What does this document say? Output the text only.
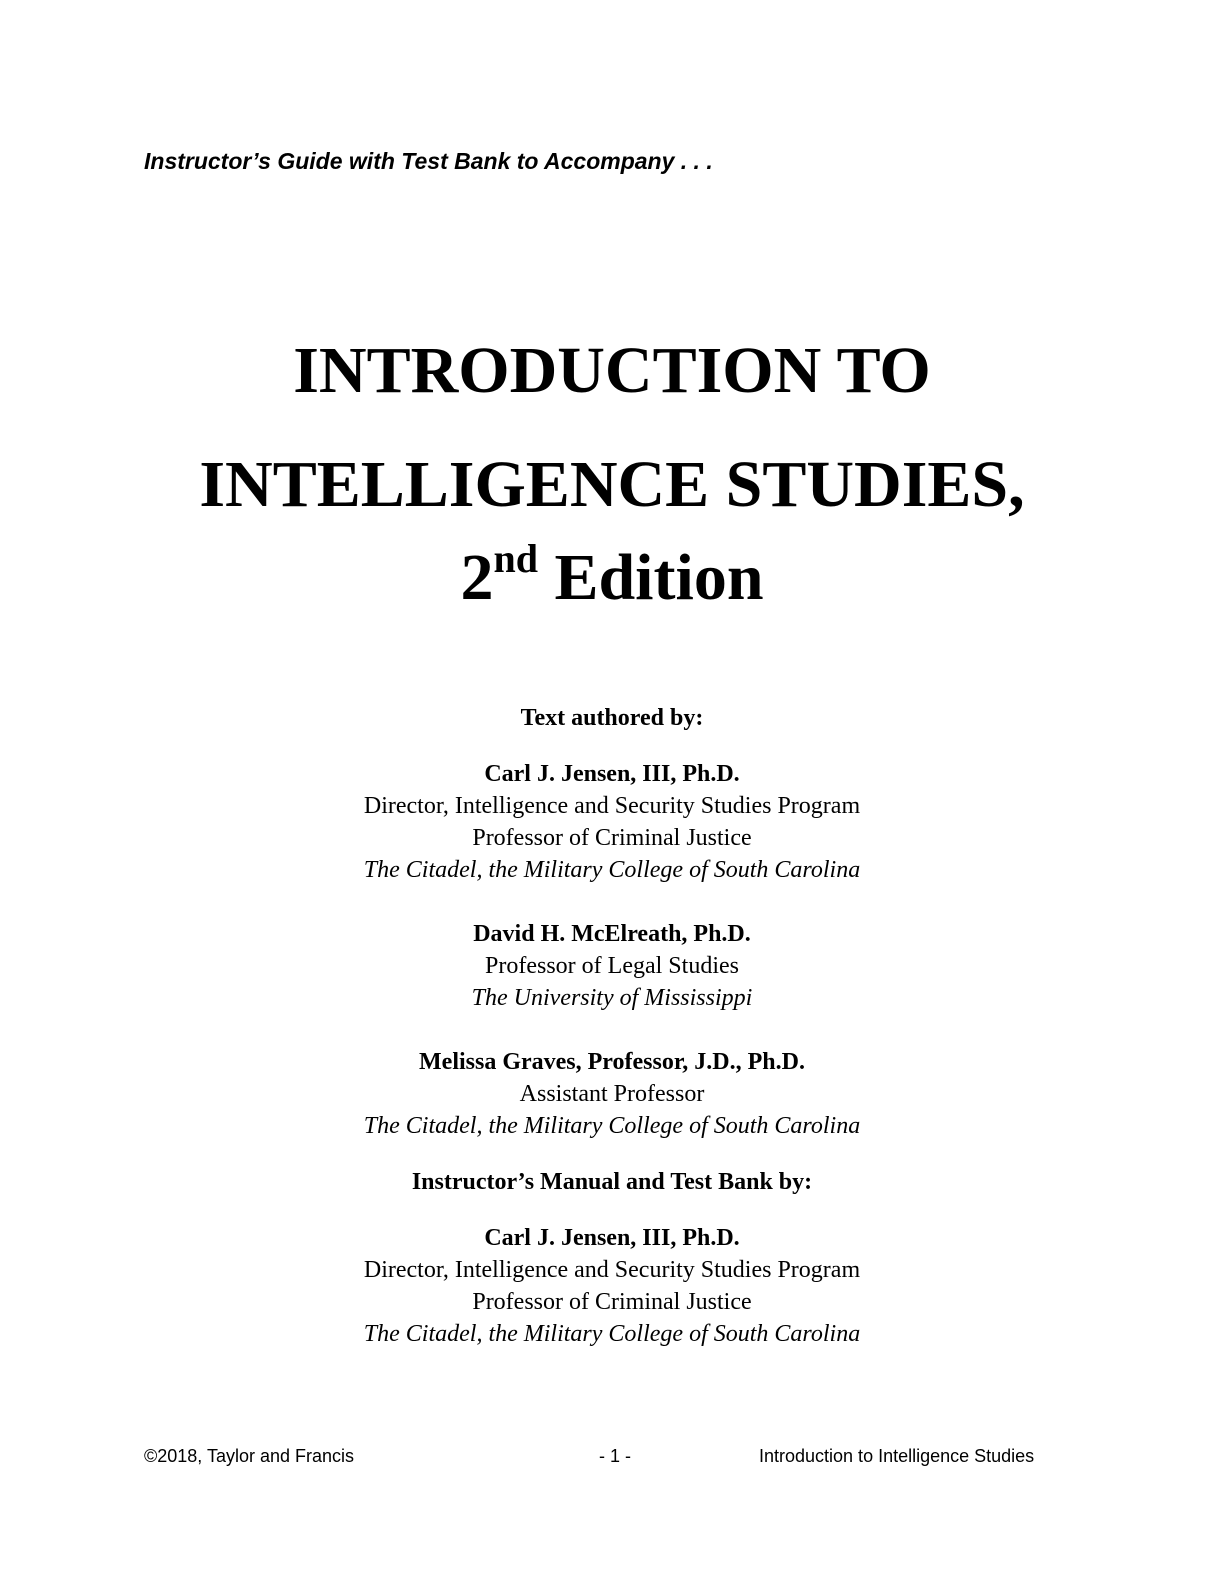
Instructor’s Guide with Test Bank to Accompany . . .
INTRODUCTION TO
INTELLIGENCE STUDIES,
2nd Edition
Text authored by:
Carl J. Jensen, III, Ph.D.
Director, Intelligence and Security Studies Program
Professor of Criminal Justice
The Citadel, the Military College of South Carolina
David H. McElreath, Ph.D.
Professor of Legal Studies
The University of Mississippi
Melissa Graves, Professor, J.D., Ph.D.
Assistant Professor
The Citadel, the Military College of South Carolina
Instructor’s Manual and Test Bank by:
Carl J. Jensen, III, Ph.D.
Director, Intelligence and Security Studies Program
Professor of Criminal Justice
The Citadel, the Military College of South Carolina
©2018, Taylor and Francis	- 1 -	Introduction to Intelligence Studies
